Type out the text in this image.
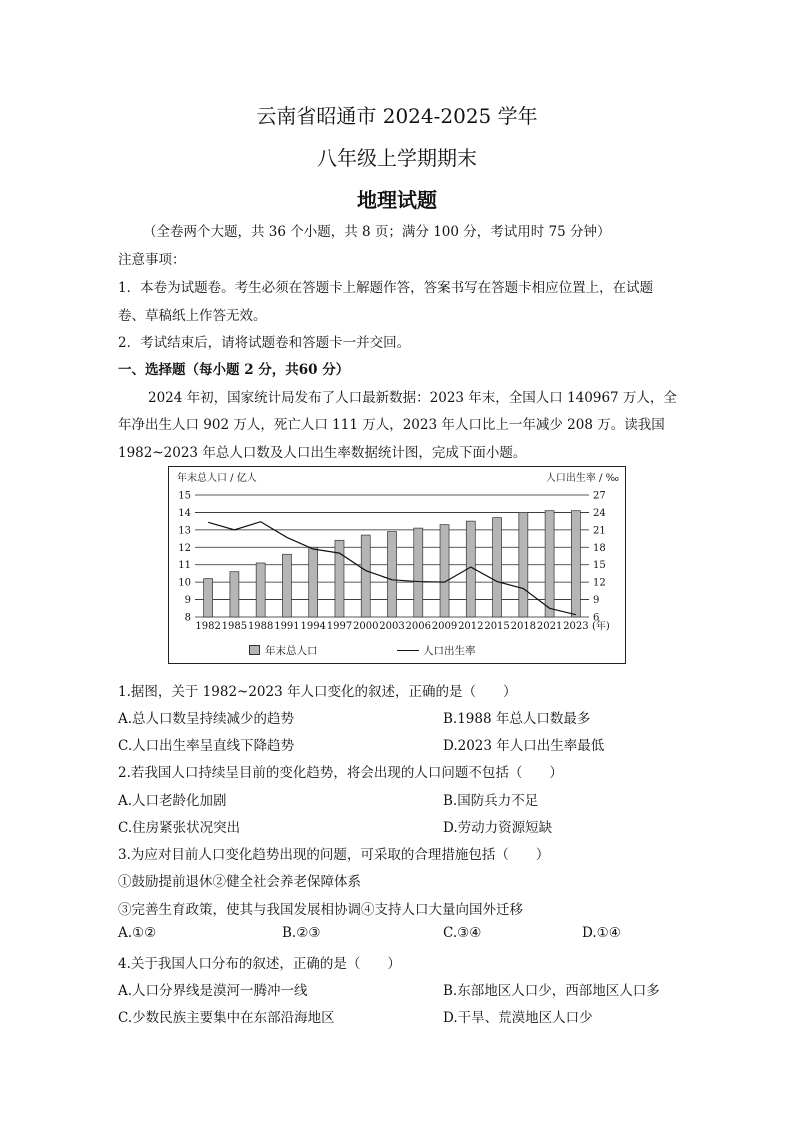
云南省昭通市 2024-2025 学年
八年级上学期期末
地理试题
（全卷两个大题，共 36 个小题，共 8 页；满分 100 分，考试用时 75 分钟）
注意事项：
1．本卷为试题卷。考生必须在答题卡上解题作答，答案书写在答题卡相应位置上，在试题
卷、草稿纸上作答无效。
2．考试结束后，请将试题卷和答题卡一并交回。
一、选择题（每小题 2 分，共60 分）
2024 年初，国家统计局发布了人口最新数据：2023 年末，全国人口 140967 万人，全
年净出生人口 902 万人，死亡人口 111 万人，2023 年人口比上一年减少 208 万。读我国
1982~2023 年总人口数及人口出生率数据统计图，完成下面小题。
年末总人口 / 亿人	人口出生率 / ‰
15	27
14	24
13	21
12	18
11	15
10	12
9	9
8	6
1982 1985 1988 1991 1994 1997 2000 2003 2006 2009 2012 2015 2018 2021 2023 (年)
年末总人口	人口出生率
1.据图，关于 1982~2023 年人口变化的叙述，正确的是（　　）
A.总人口数呈持续减少的趋势	B.1988 年总人口数最多
C.人口出生率呈直线下降趋势	D.2023 年人口出生率最低
2.若我国人口持续呈目前的变化趋势，将会出现的人口问题不包括（　　）
A.人口老龄化加剧	B.国防兵力不足
C.住房紧张状况突出	D.劳动力资源短缺
3.为应对目前人口变化趋势出现的问题，可采取的合理措施包括（　　）
①鼓励提前退休②健全社会养老保障体系
③完善生育政策，使其与我国发展相协调④支持人口大量向国外迁移
A.①②	B.②③	C.③④	D.①④
4.关于我国人口分布的叙述，正确的是（　　）
A.人口分界线是漠河一腾冲一线	B.东部地区人口少，西部地区人口多
C.少数民族主要集中在东部沿海地区	D.干旱、荒漠地区人口少
